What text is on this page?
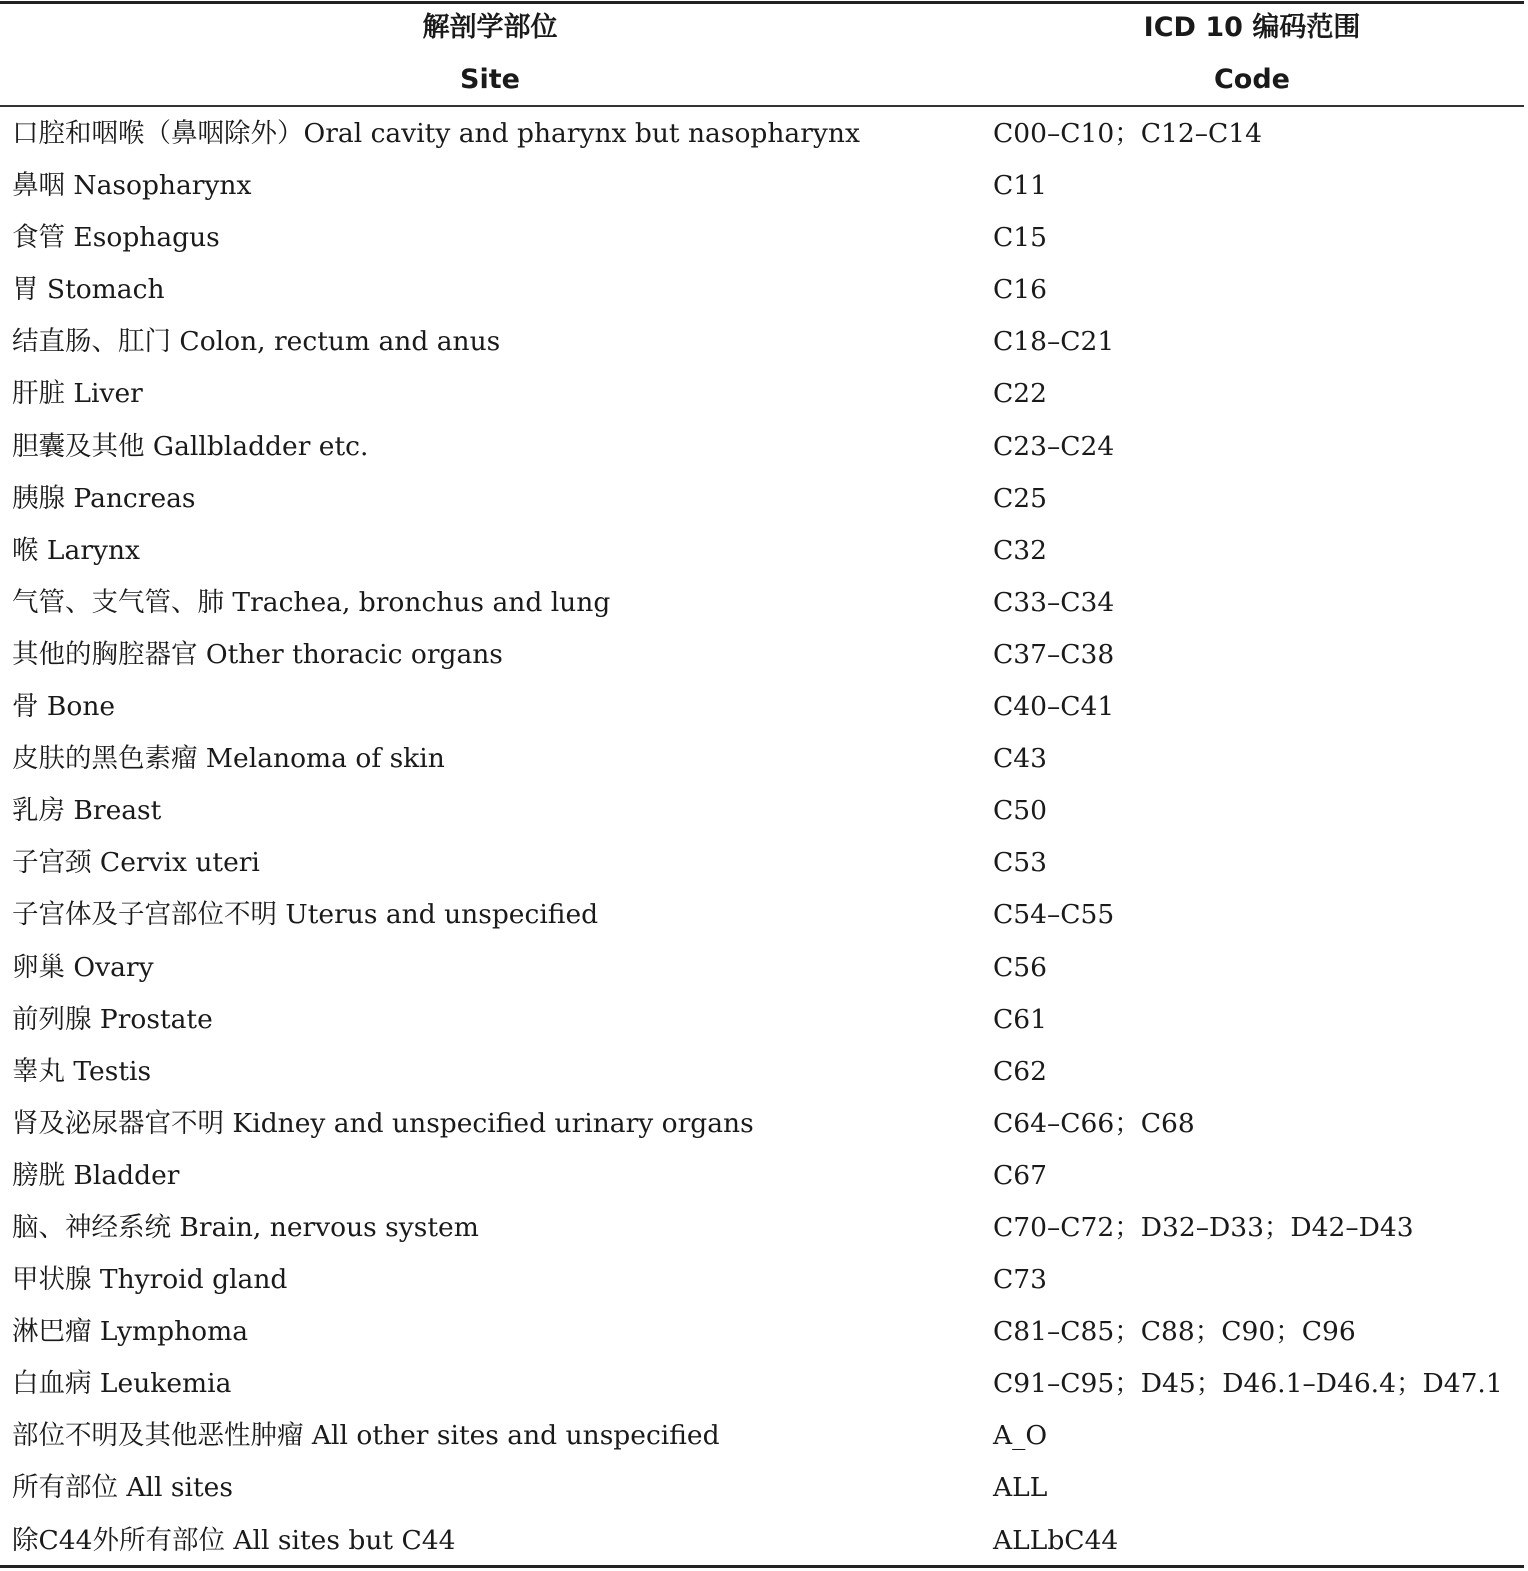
解剖学部位
Site
ICD 10 编码范围
Code
口腔和咽喉（鼻咽除外）Oral cavity and pharynx but nasopharynx	C00–C10；C12–C14
鼻咽 Nasopharynx	C11
食管 Esophagus	C15
胃 Stomach	C16
结直肠、肛门 Colon, rectum and anus	C18–C21
肝脏 Liver	C22
胆囊及其他 Gallbladder etc.	C23–C24
胰腺 Pancreas	C25
喉 Larynx	C32
气管、支气管、肺 Trachea, bronchus and lung	C33–C34
其他的胸腔器官 Other thoracic organs	C37–C38
骨 Bone	C40–C41
皮肤的黑色素瘤 Melanoma of skin	C43
乳房 Breast	C50
子宫颈 Cervix uteri	C53
子宫体及子宫部位不明 Uterus and unspecified	C54–C55
卵巢 Ovary	C56
前列腺 Prostate	C61
睾丸 Testis	C62
肾及泌尿器官不明 Kidney and unspecified urinary organs	C64–C66；C68
膀胱 Bladder	C67
脑、神经系统 Brain, nervous system	C70–C72；D32–D33；D42–D43
甲状腺 Thyroid gland	C73
淋巴瘤 Lymphoma	C81–C85；C88；C90；C96
白血病 Leukemia	C91–C95；D45；D46.1–D46.4；D47.1
部位不明及其他恶性肿瘤 All other sites and unspecified	A_O
所有部位 All sites	ALL
除C44外所有部位 All sites but C44	ALLbC44
